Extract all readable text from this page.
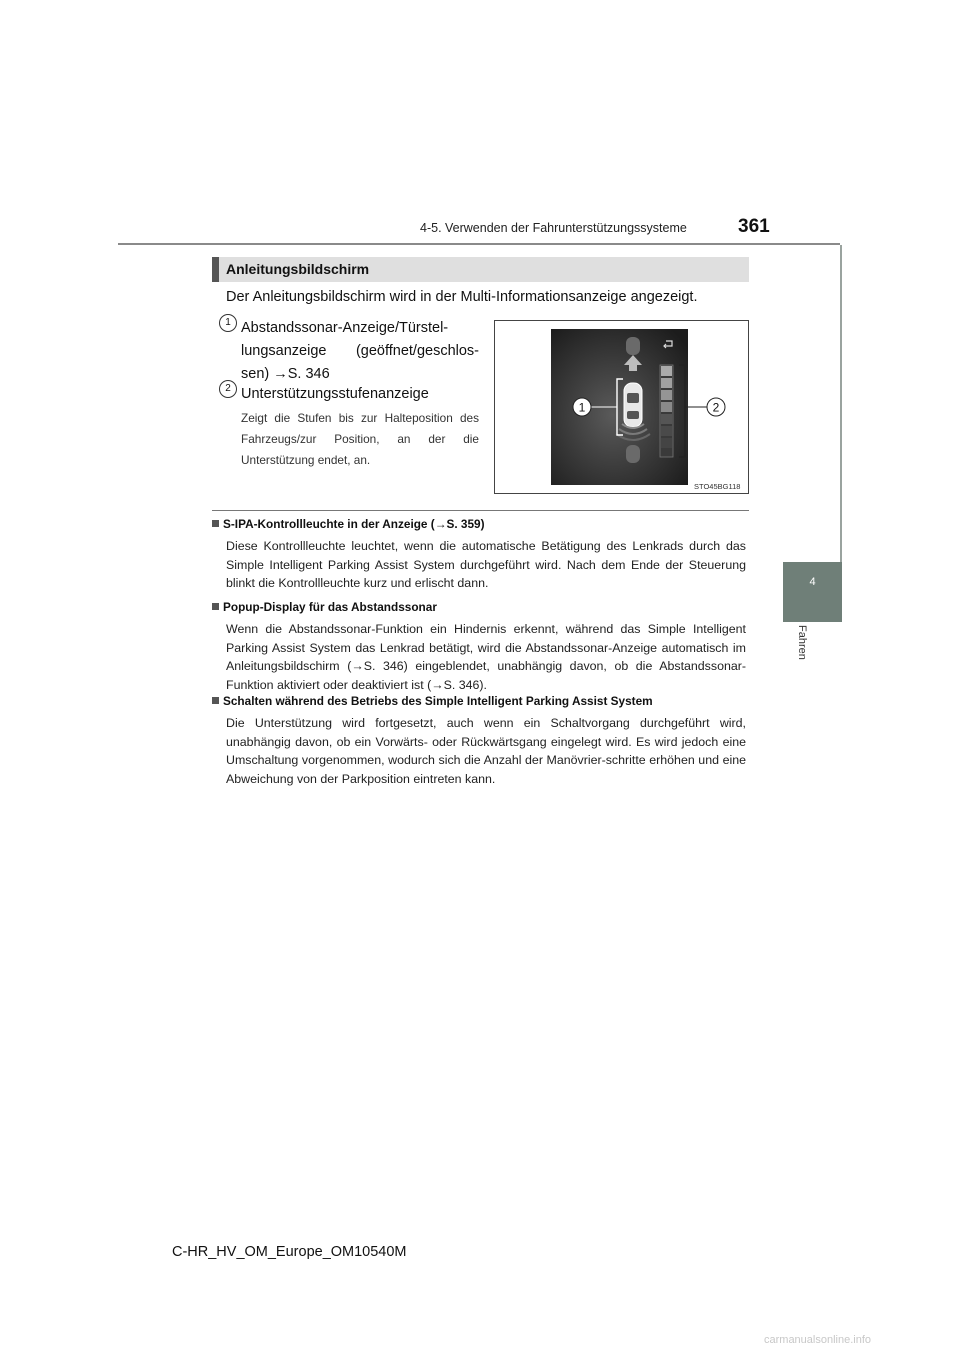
4-5. Verwenden der Fahrunterstützungssysteme	361
4
Fahren
Anleitungsbildschirm
Der Anleitungsbildschirm wird in der Multi-Informationsanzeige angezeigt.
1 Abstandssonar-Anzeige/Türstel-
lungsanzeige (geöffnet/geschlos-
sen) →S. 346
2 Unterstützungsstufenanzeige
Zeigt die Stufen bis zur Halteposition des Fahrzeugs/zur Position, an der die Unterstützung endet, an.
1	2
STO45BG118
S-IPA-Kontrollleuchte in der Anzeige (→S. 359)
Diese Kontrollleuchte leuchtet, wenn die automatische Betätigung des Lenkrads durch das Simple Intelligent Parking Assist System durchgeführt wird. Nach dem Ende der Steuerung blinkt die Kontrollleuchte kurz und erlischt dann.
Popup-Display für das Abstandssonar
Wenn die Abstandssonar-Funktion ein Hindernis erkennt, während das Simple Intelligent Parking Assist System das Lenkrad betätigt, wird die Abstandssonar-Anzeige automatisch im Anleitungsbildschirm (→S. 346) eingeblendet, unabhängig davon, ob die Abstandssonar-Funktion aktiviert oder deaktiviert ist (→S. 346).
Schalten während des Betriebs des Simple Intelligent Parking Assist System
Die Unterstützung wird fortgesetzt, auch wenn ein Schaltvorgang durchgeführt wird, unabhängig davon, ob ein Vorwärts- oder Rückwärtsgang eingelegt wird. Es wird jedoch eine Umschaltung vorgenommen, wodurch sich die Anzahl der Manövrier-schritte erhöhen und eine Abweichung von der Parkposition eintreten kann.
C-HR_HV_OM_Europe_OM10540M
carmanualsonline.info
